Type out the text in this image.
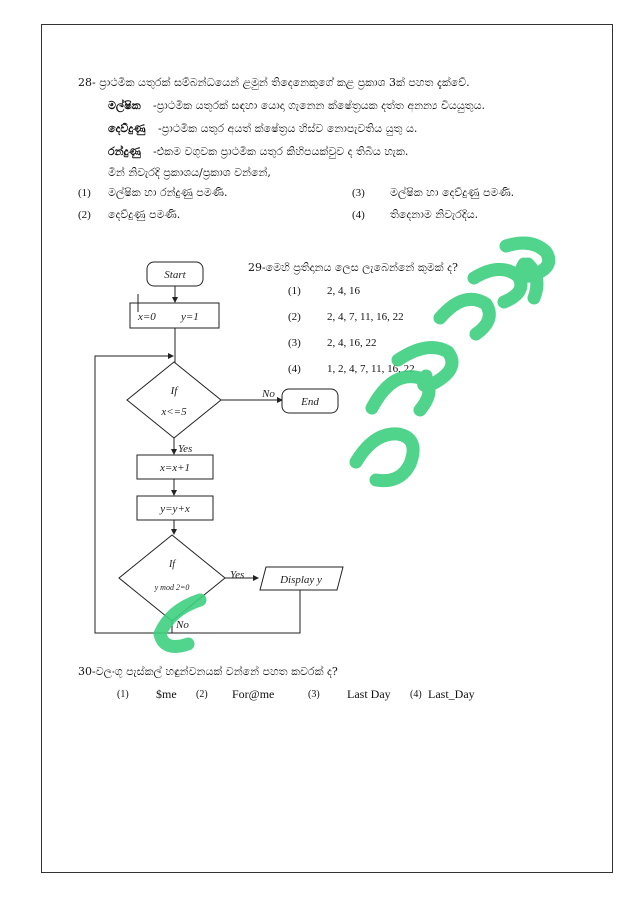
28- ප්‍රාථමික යතුරක් සම්බන්ධයෙන් ළමුන් තිදෙනෙකුගේ කළ ප්‍රකාශ 3ක් පහත දැක්වේ.
මල්ෂික -ප්‍රාථමික යතුරක් සඳහා යොදා ගැනෙන ක්ෂේත්‍රයක දත්ත අනන්‍ය වියයුතුය.
දෙව්දුණු -ප්‍රාථමික යතුර අයත් ක්ෂේත්‍රය හිස්ව නොපැවතිය යුතු ය.
රන්දුණු -එකම වගුවක ප්‍රාථමික යතුර කිහිපයක්වුව ද තිබිය හැක.
මින් නිවැරදි ප්‍රකාශය/ප්‍රකාශ වන්නේ,
(1) මල්ෂික හා රන්දුණු පමණි.	(3) මල්ෂික හා දෙව්දුණු පමණි.
(2) දෙව්දුණු පමණි.	(4) තිදෙනාම නිවැරදිය.
29-මෙහි ප්‍රතිදානය ලෙස ලැබෙන්නේ කුමක් ද?
(1) 2, 4, 16
(2) 2, 4, 7, 11, 16, 22
(3) 2, 4, 16, 22
(4) 1, 2, 4, 7, 11, 16, 22
Start
x=0 y=1
If
x<=5
No
End
Yes
x=x+1
y=y+x
If
y mod 2=0
Yes	Display y
No
30-වලංගු පැස්කල් හඳුන්වනයක් වන්නේ පහත කවරක් ද?
(1) $me (2) For@me	(3) Last Day (4) Last_Day
